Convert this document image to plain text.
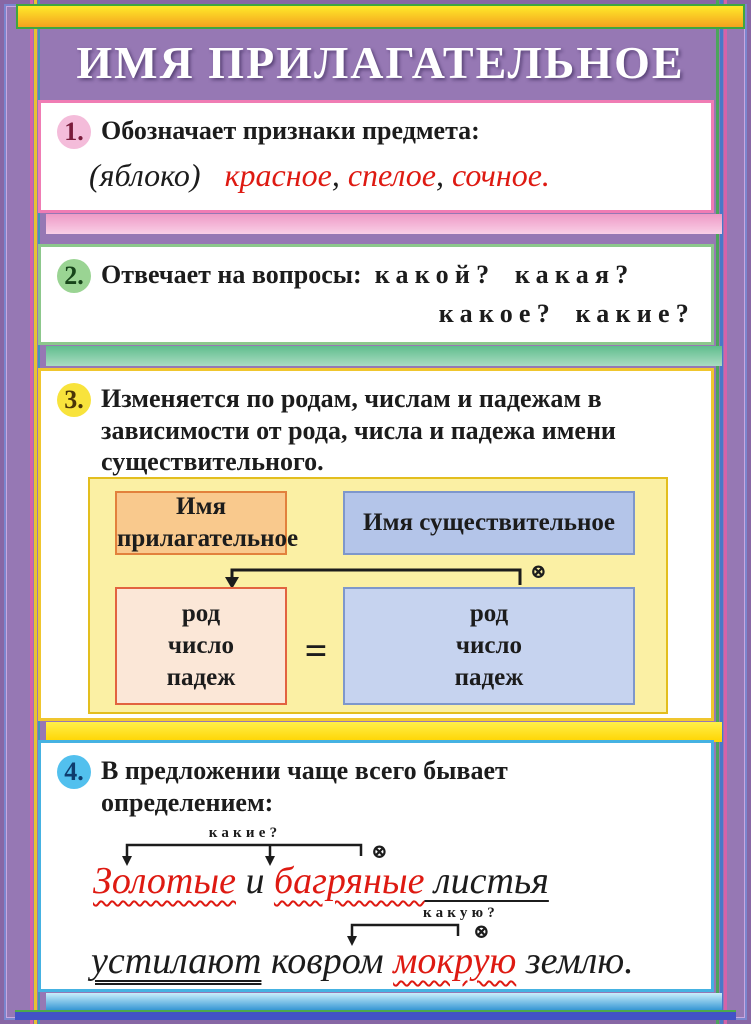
ИМЯ ПРИЛАГАТЕЛЬНОЕ
1. Обозначает признаки предмета:
(яблоко) красное, спелое, сочное.
2. Отвечает на вопросы: какой? какая?
какое? какие?
3. Изменяется по родам, числам и падежам в зависимости от рода, числа и падежа имени существительного.
Имя прилагательное
Имя существительное
⊗
род
число
падеж
=
род
число
падеж
4. В предложении чаще всего бывает определением:
какие?
⊗
Золотые и багряные листья
какую?
⊗
устилают ковром мокрую землю.
